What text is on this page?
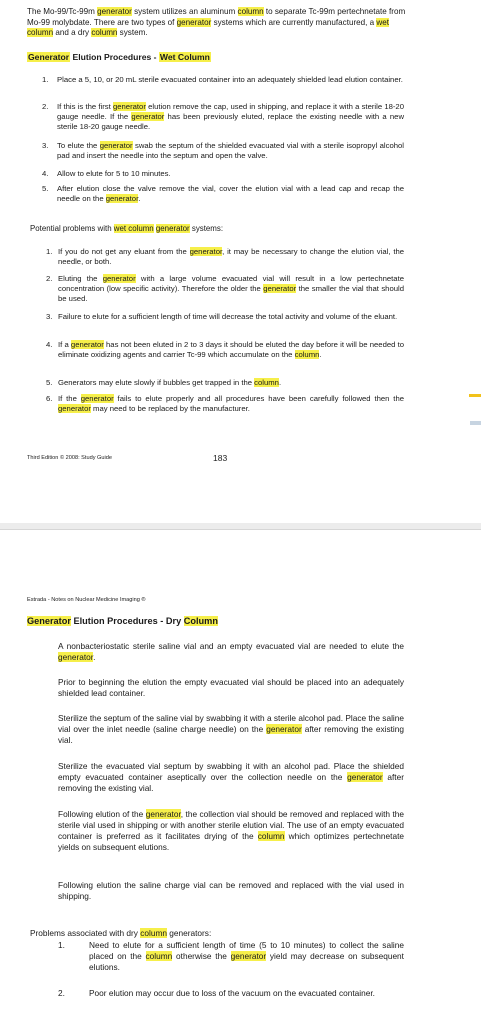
The Mo-99/Tc-99m generator system utilizes an aluminum column to separate Tc-99m pertechnetate from Mo-99 molybdate. There are two types of generator systems which are currently manufactured, a wet column and a dry column system.

Generator Elution Procedures - Wet Column

1.	Place a 5, 10, or 20 mL sterile evacuated container into an adequately shielded lead elution container.
2.	If this is the first generator elution remove the cap, used in shipping, and replace it with a sterile 18-20 gauge needle. If the generator has been previously eluted, replace the existing needle with a new sterile 18-20 gauge needle.
3.	To elute the generator swab the septum of the shielded evacuated vial with a sterile isopropyl alcohol pad and insert the needle into the septum and open the valve.
4.	Allow to elute for 5 to 10 minutes.
5.	After elution close the valve remove the vial, cover the elution vial with a lead cap and recap the needle on the generator.

Potential problems with wet column generator systems:

1. If you do not get any eluant from the generator, it may be necessary to change the elution vial, the needle, or both.
2. Eluting the generator with a large volume evacuated vial will result in a low pertechnetate concentration (low specific activity). Therefore the older the generator the smaller the vial that should be used.
3. Failure to elute for a sufficient length of time will decrease the total activity and volume of the eluant.
4. If a generator has not been eluted in 2 to 3 days it should be eluted the day before it will be needed to eliminate oxidizing agents and carrier Tc-99 which accumulate on the column.
5. Generators may elute slowly if bubbles get trapped in the column.
6. If the generator fails to elute properly and all procedures have been carefully followed then the generator may need to be replaced by the manufacturer.

Third Edition © 2008: Study Guide	183

Estrada - Notes on Nuclear Medicine Imaging ®

Generator Elution Procedures - Dry Column

A nonbacteriostatic sterile saline vial and an empty evacuated vial are needed to elute the generator.

Prior to beginning the elution the empty evacuated vial should be placed into an adequately shielded lead container.

Sterilize the septum of the saline vial by swabbing it with a sterile alcohol pad. Place the saline vial over the inlet needle (saline charge needle) on the generator after removing the existing vial.

Sterilize the evacuated vial septum by swabbing it with an alcohol pad. Place the shielded empty evacuated container aseptically over the collection needle on the generator after removing the existing vial.

Following elution of the generator, the collection vial should be removed and replaced with the sterile vial used in shipping or with another sterile elution vial. The use of an empty evacuated container is preferred as it facilitates drying of the column which optimizes pertechnetate yields on subsequent elutions.

Following elution the saline charge vial can be removed and replaced with the vial used in shipping.

Problems associated with dry column generators:

1.	Need to elute for a sufficient length of time (5 to 10 minutes) to collect the saline placed on the column otherwise the generator yield may decrease on subsequent elutions.
2.	Poor elution may occur due to loss of the vacuum on the evacuated container.
